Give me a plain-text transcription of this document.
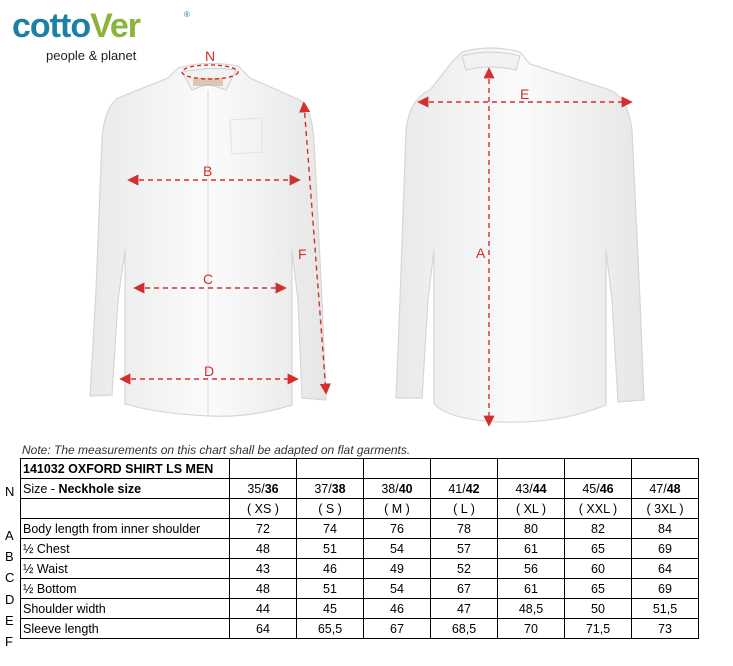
cottoVer	®
people & planet	N
B
C
D
F
E
A
Note: The measurements on this chart shall be adapted on flat garments.
N
A
B
C
D
E
F
141032 OXFORD SHIRT LS MEN							
Size - Neckhole size	35/36	37/38	38/40	41/42	43/44	45/46	47/48
	( XS )	( S )	( M )	( L )	( XL )	( XXL )	( 3XL )
Body length from inner shoulder	72	74	76	78	80	82	84
½ Chest	48	51	54	57	61	65	69
½ Waist	43	46	49	52	56	60	64
½ Bottom	48	51	54	67	61	65	69
Shoulder width	44	45	46	47	48,5	50	51,5
Sleeve length	64	65,5	67	68,5	70	71,5	73
